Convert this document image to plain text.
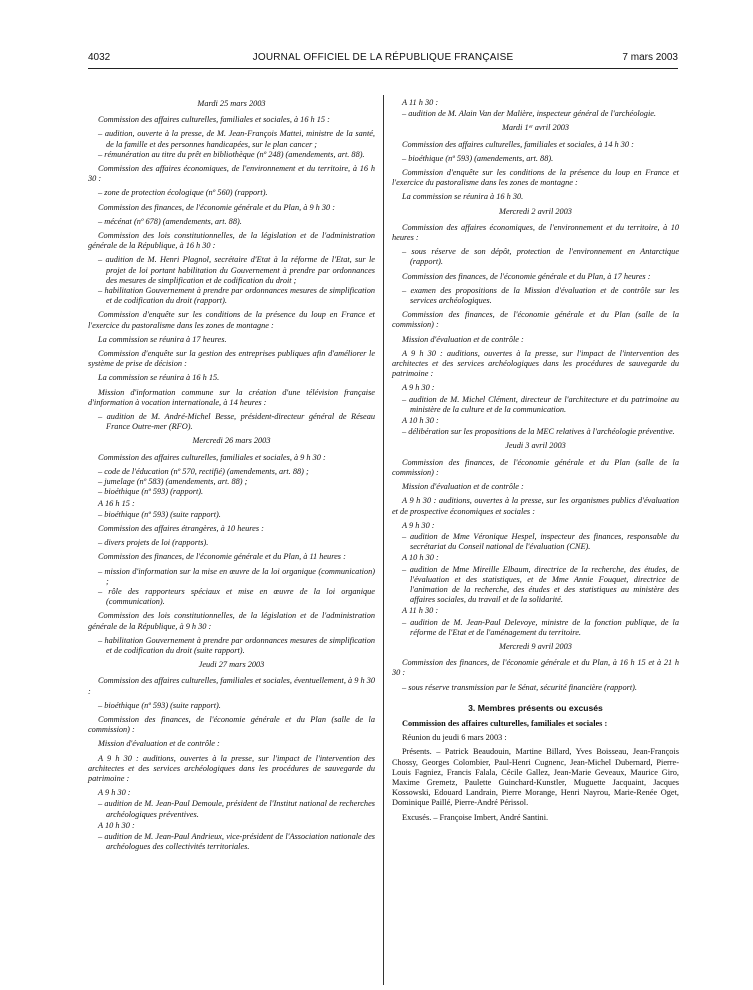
4032	JOURNAL OFFICIEL DE LA RÉPUBLIQUE FRANÇAISE	7 mars 2003
Mardi 25 mars 2003

Commission des affaires culturelles, familiales et sociales, à 16 h 15 :

– audition, ouverte à la presse, de M. Jean-François Mattei, ministre de la santé, de la famille et des personnes handicapées, sur le plan cancer ;
– rémunération au titre du prêt en bibliothèque (nº 248) (amendements, art. 88).

Commission des affaires économiques, de l'environnement et du territoire, à 16 h 30 :

– zone de protection écologique (nº 560) (rapport).

Commission des finances, de l'économie générale et du Plan, à 9 h 30 :

– mécénat (nº 678) (amendements, art. 88).

Commission des lois constitutionnelles, de la législation et de l'administration générale de la République, à 16 h 30 :

– audition de M. Henri Plagnol, secrétaire d'Etat à la réforme de l'Etat, sur le projet de loi portant habilitation du Gouvernement à prendre par ordonnances des mesures de simplification et de codification du droit ;
– habilitation Gouvernement à prendre par ordonnances mesures de simplification et de codification du droit (rapport).

Commission d'enquête sur les conditions de la présence du loup en France et l'exercice du pastoralisme dans les zones de montagne :

La commission se réunira à 17 heures.

Commission d'enquête sur la gestion des entreprises publiques afin d'améliorer le système de prise de décision :

La commission se réunira à 16 h 15.

Mission d'information commune sur la création d'une télévision française d'information à vocation internationale, à 14 heures :

– audition de M. André-Michel Besse, président-directeur général de Réseau France Outre-mer (RFO).
Mercredi 26 mars 2003

Commission des affaires culturelles, familiales et sociales, à 9 h 30 :

– code de l'éducation (nº 570, rectifié) (amendements, art. 88) ;
– jumelage (nº 583) (amendements, art. 88) ;
– bioéthique (nº 593) (rapport).
A 16 h 15 :
– bioéthique (nº 593) (suite rapport).

Commission des affaires étrangères, à 10 heures :

– divers projets de loi (rapports).

Commission des finances, de l'économie générale et du Plan, à 11 heures :

– mission d'information sur la mise en œuvre de la loi organique (communication) ;
– rôle des rapporteurs spéciaux et mise en œuvre de la loi organique (communication).

Commission des lois constitutionnelles, de la législation et de l'administration générale de la République, à 9 h 30 :

– habilitation Gouvernement à prendre par ordonnances mesures de simplification et de codification du droit (suite rapport).
Jeudi 27 mars 2003

Commission des affaires culturelles, familiales et sociales, éventuellement, à 9 h 30 :

– bioéthique (nº 593) (suite rapport).

Commission des finances, de l'économie générale et du Plan (salle de la commission) :

Mission d'évaluation et de contrôle :

A 9 h 30 : auditions, ouvertes à la presse, sur l'impact de l'intervention des architectes et des services archéologiques dans les procédures de sauvegarde du patrimoine :

A 9 h 30 :
– audition de M. Jean-Paul Demoule, président de l'Institut national de recherches archéologiques préventives.
A 10 h 30 :
– audition de M. Jean-Paul Andrieux, vice-président de l'Association nationale des archéologues des collectivités territoriales.
A 11 h 30 :
– audition de M. Alain Van der Malière, inspecteur général de l'archéologie.
Mardi 1ᵉʳ avril 2003

Commission des affaires culturelles, familiales et sociales, à 14 h 30 :

– bioéthique (nº 593) (amendements, art. 88).

Commission d'enquête sur les conditions de la présence du loup en France et l'exercice du pastoralisme dans les zones de montagne :

La commission se réunira à 16 h 30.

Mercredi 2 avril 2003

Commission des affaires économiques, de l'environnement et du territoire, à 10 heures :

– sous réserve de son dépôt, protection de l'environnement en Antarctique (rapport).

Commission des finances, de l'économie générale et du Plan, à 17 heures :

– examen des propositions de la Mission d'évaluation et de contrôle sur les services archéologiques.

Commission des finances, de l'économie générale et du Plan (salle de la commission) :

Mission d'évaluation et de contrôle :

A 9 h 30 : auditions, ouvertes à la presse, sur l'impact de l'intervention des architectes et des services archéologiques dans les procédures de sauvegarde du patrimoine :

A 9 h 30 :
– audition de M. Michel Clément, directeur de l'architecture et du patrimoine au ministère de la culture et de la communication.
A 10 h 30 :
– délibération sur les propositions de la MEC relatives à l'archéologie préventive.
Jeudi 3 avril 2003

Commission des finances, de l'économie générale et du Plan (salle de la commission) :

Mission d'évaluation et de contrôle :

A 9 h 30 : auditions, ouvertes à la presse, sur les organismes publics d'évaluation et de prospective économiques et sociales :

A 9 h 30 :
– audition de Mme Véronique Hespel, inspecteur des finances, responsable du secrétariat du Conseil national de l'évaluation (CNE).
A 10 h 30 :
– audition de Mme Mireille Elbaum, directrice de la recherche, des études, de l'évaluation et des statistiques, et de Mme Annie Fouquet, directrice de l'animation de la recherche, des études et des statistiques au ministère des affaires sociales, du travail et de la solidarité.
A 11 h 30 :
– audition de M. Jean-Paul Delevoye, ministre de la fonction publique, de la réforme de l'Etat et de l'aménagement du territoire.
Mercredi 9 avril 2003

Commission des finances, de l'économie générale et du Plan, à 16 h 15 et à 21 h 30 :

– sous réserve transmission par le Sénat, sécurité financière (rapport).
3. Membres présents ou excusés

Commission des affaires culturelles, familiales et sociales :

Réunion du jeudi 6 mars 2003 :

Présents. – Patrick Beaudouin, Martine Billard, Yves Boisseau, Jean-François Chossy, Georges Colombier, Paul-Henri Cugnenc, Jean-Michel Dubernard, Pierre-Louis Fagniez, Francis Falala, Cécile Gallez, Jean-Marie Geveaux, Maurice Giro, Maxime Gremetz, Paulette Guinchard-Kunstler, Muguette Jacquaint, Jacques Kossowski, Edouard Landrain, Pierre Morange, Henri Nayrou, Marie-Renée Oget, Dominique Paillé, Pierre-André Périssol.

Excusés. – Françoise Imbert, André Santini.
